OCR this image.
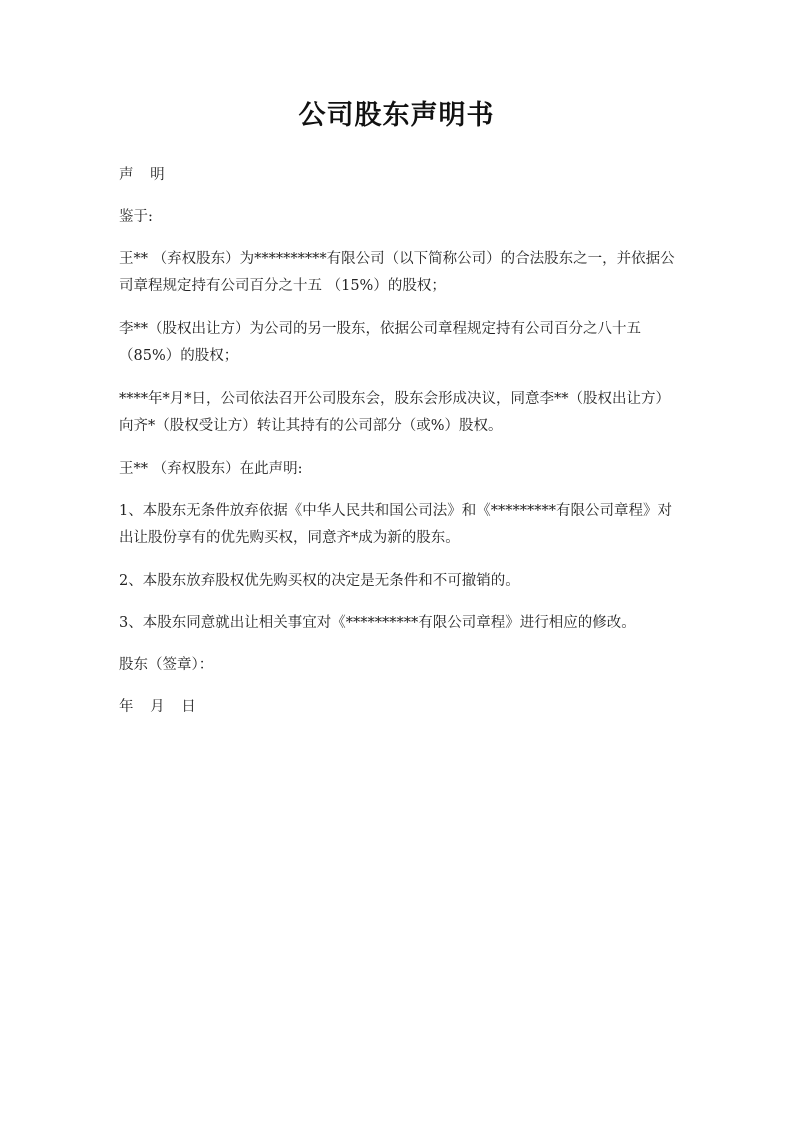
公司股东声明书
声 明
鉴于:
王** （弃权股东）为**********有限公司（以下简称公司）的合法股东之一，并依据公司章程规定持有公司百分之十五 （15%）的股权；
李**（股权出让方）为公司的另一股东，依据公司章程规定持有公司百分之八十五（85%）的股权；
****年*月*日，公司依法召开公司股东会，股东会形成决议，同意李**（股权出让方）向齐*（股权受让方）转让其持有的公司部分（或%）股权。
王** （弃权股东）在此声明:
1、本股东无条件放弃依据《中华人民共和国公司法》和《*********有限公司章程》对出让股份享有的优先购买权，同意齐*成为新的股东。
2、本股东放弃股权优先购买权的决定是无条件和不可撤销的。
3、本股东同意就出让相关事宜对《**********有限公司章程》进行相应的修改。
股东（签章）：
年 月 日
